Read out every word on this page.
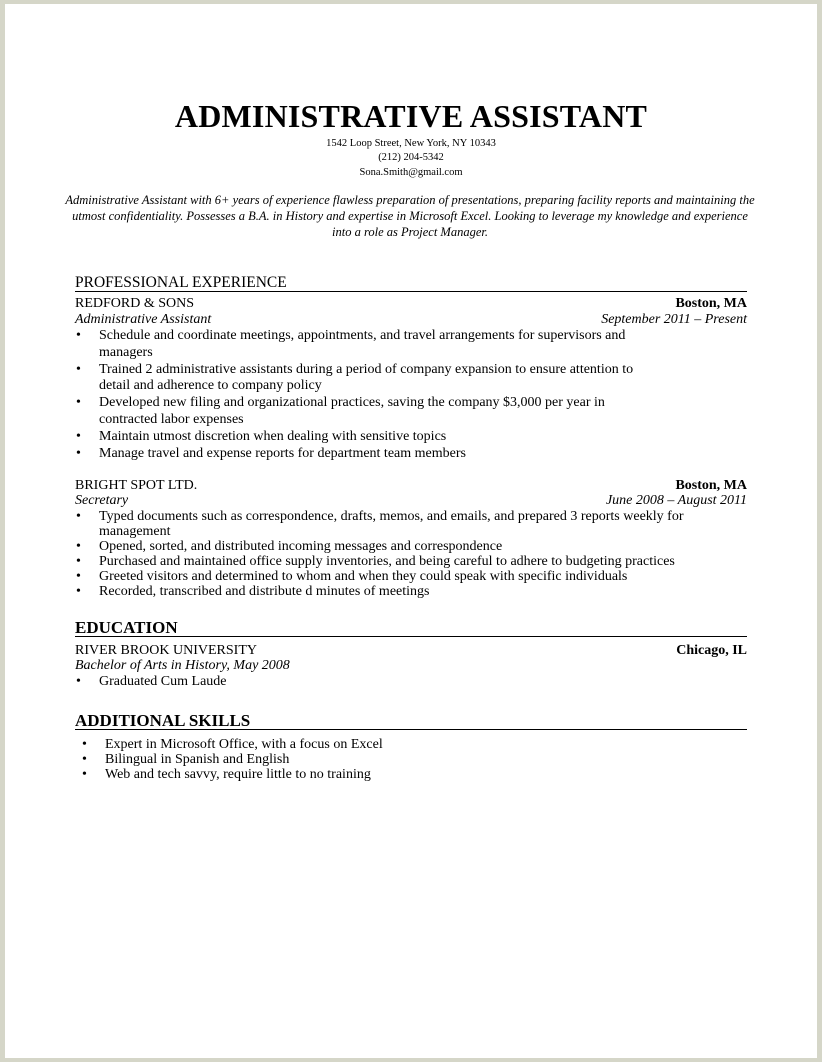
ADMINISTRATIVE ASSISTANT

1542 Loop Street, New York, NY 10343

(212) 204-5342

Sona.Smith@gmail.com

Administrative Assistant with 6+ years of experience flawless preparation of presentations, preparing facility reports and maintaining the utmost confidentiality. Possesses a B.A. in History and expertise in Microsoft Excel. Looking to leverage my knowledge and experience into a role as Project Manager.

PROFESSIONAL EXPERIENCE
REDFORD & SONS	Boston, MA
Administrative Assistant	September 2011 – Present
• Schedule and coordinate meetings, appointments, and travel arrangements for supervisors and managers
• Trained 2 administrative assistants during a period of company expansion to ensure attention to detail and adherence to company policy
• Developed new filing and organizational practices, saving the company $3,000 per year in contracted labor expenses
• Maintain utmost discretion when dealing with sensitive topics
• Manage travel and expense reports for department team members
BRIGHT SPOT LTD.	Boston, MA
Secretary	June 2008 – August 2011
• Typed documents such as correspondence, drafts, memos, and emails, and prepared 3 reports weekly for management
• Opened, sorted, and distributed incoming messages and correspondence
• Purchased and maintained office supply inventories, and being careful to adhere to budgeting practices
• Greeted visitors and determined to whom and when they could speak with specific individuals
• Recorded, transcribed and distribute d minutes of meetings
EDUCATION
RIVER BROOK UNIVERSITY	Chicago, IL
Bachelor of Arts in History, May 2008
• Graduated Cum Laude
ADDITIONAL SKILLS
• Expert in Microsoft Office, with a focus on Excel
• Bilingual in Spanish and English
• Web and tech savvy, require little to no training
